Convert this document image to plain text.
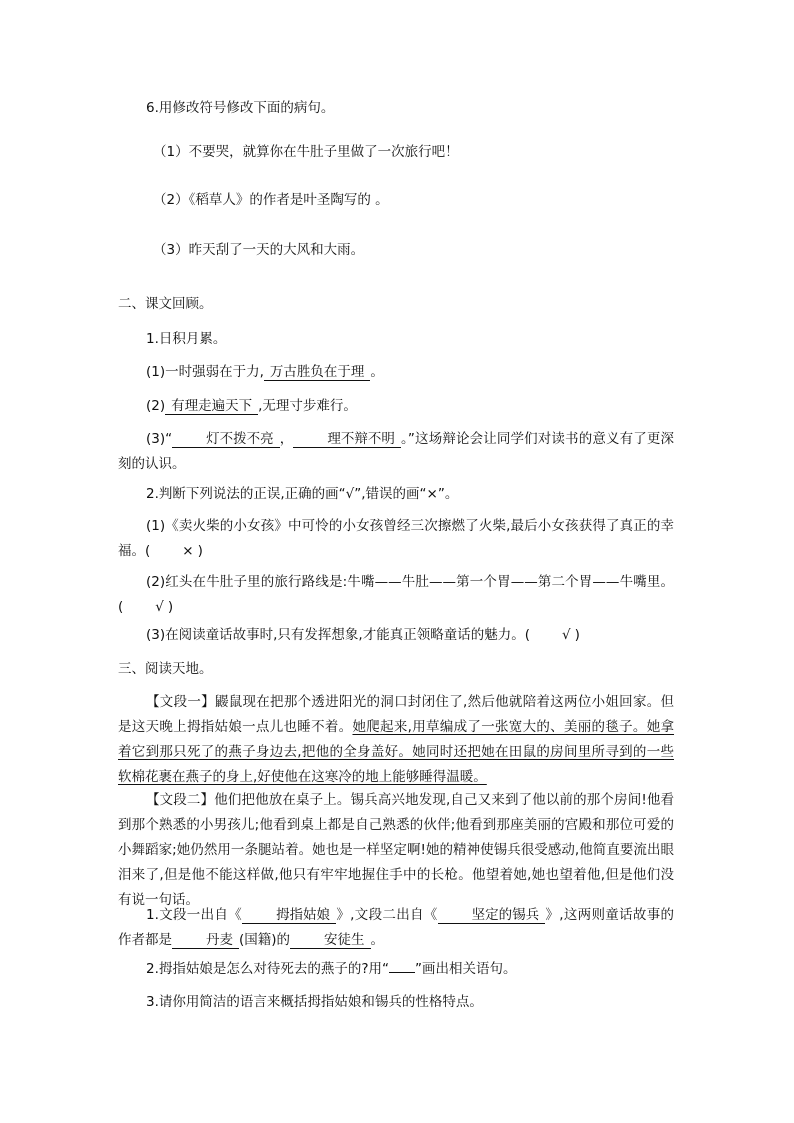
6.用修改符号修改下面的病句。
（1）不要哭，就算你在牛肚子里做了一次旅行吧！
（2）《稻草人》的作者是叶圣陶写的 。
（3）昨天刮了一天的大风和大雨。
二、课文回顾。
1.日积月累。
(1)一时强弱在于力, 万古胜负在于理 。
(2) 有理走遍天下 ,无理寸步难行。
(3)“	灯不拨不亮 ，	理不辩不明 。”这场辩论会让同学们对读书的意义有了更深刻的认识。
2.判断下列说法的正误,正确的画“√”,错误的画“×”。
(1)《卖火柴的小女孩》中可怜的小女孩曾经三次擦燃了火柴,最后小女孩获得了真正的幸福。( × )
(2)红头在牛肚子里的旅行路线是:牛嘴——牛肚——第一个胃——第二个胃——牛嘴里。 ( √ )
(3)在阅读童话故事时,只有发挥想象,才能真正领略童话的魅力。( √ )
三、阅读天地。
【文段一】鼹鼠现在把那个透进阳光的洞口封闭住了,然后他就陪着这两位小姐回家。但是这天晚上拇指姑娘一点儿也睡不着。她爬起来,用草编成了一张宽大的、美丽的毯子。她拿着它到那只死了的燕子身边去,把他的全身盖好。她同时还把她在田鼠的房间里所寻到的一些软棉花裹在燕子的身上,好使他在这寒冷的地上能够睡得温暖。
【文段二】他们把他放在桌子上。锡兵高兴地发现,自己又来到了他以前的那个房间!他看到那个熟悉的小男孩儿;他看到桌上都是自己熟悉的伙伴;他看到那座美丽的宫殿和那位可爱的小舞蹈家;她仍然用一条腿站着。她也是一样坚定啊!她的精神使锡兵很受感动,他简直要流出眼泪来了,但是他不能这样做,他只有牢牢地握住手中的长枪。他望着她,她也望着他,但是他们没有说一句话。
1.文段一出自《	拇指姑娘 》,文段二出自《	坚定的锡兵 》,这两则童话故事的作者都是	丹麦 (国籍)的	安徒生 。
2.拇指姑娘是怎么对待死去的燕子的?用“ ”画出相关语句。
3.请你用简洁的语言来概括拇指姑娘和锡兵的性格特点。
